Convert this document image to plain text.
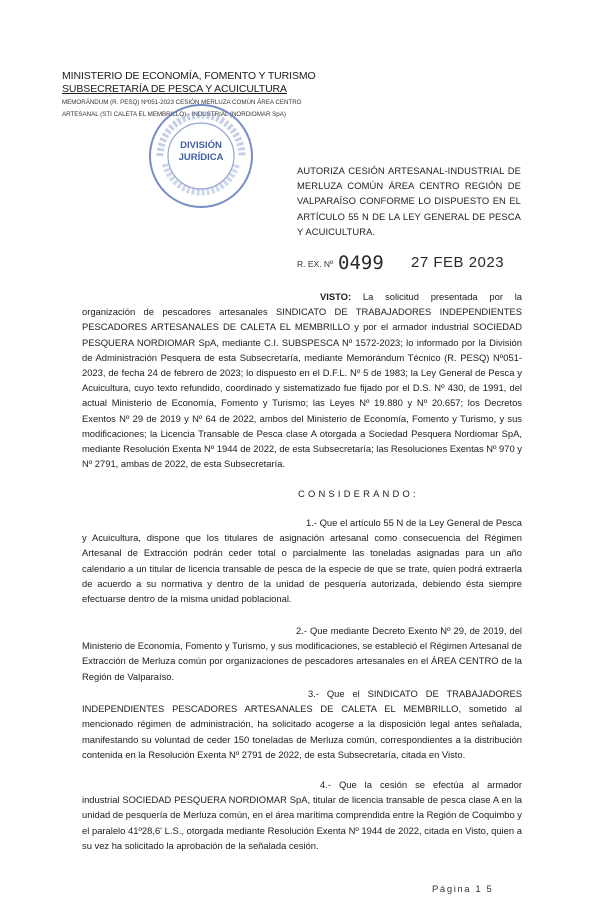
MINISTERIO DE ECONOMÍA, FOMENTO Y TURISMO
SUBSECRETARÍA DE PESCA Y ACUICULTURA
MEMORÁNDUM (R. PESQ) Nº051-2023 CESIÓN MERLUZA COMÚN ÁREA CENTRO
ARTESANAL (STI CALETA EL MEMBRILLO) - INDUSTRIAL (NORDIOMAR SpA)
DIVISIÓN
JURÍDICA
AUTORIZA CESIÓN ARTESANAL-INDUSTRIAL DE MERLUZA COMÚN ÁREA CENTRO REGIÓN DE VALPARAÍSO CONFORME LO DISPUESTO EN EL ARTÍCULO 55 N DE LA LEY GENERAL DE PESCA Y ACUICULTURA.
R. EX. Nº 0499 27 FEB 2023
VISTO: La solicitud presentada por la organización de pescadores artesanales SINDICATO DE TRABAJADORES INDEPENDIENTES PESCADORES ARTESANALES DE CALETA EL MEMBRILLO y por el armador industrial SOCIEDAD PESQUERA NORDIOMAR SpA, mediante C.I. SUBSPESCA Nº 1572-2023; lo informado por la División de Administración Pesquera de esta Subsecretaría, mediante Memorándum Técnico (R. PESQ) Nº051-2023, de fecha 24 de febrero de 2023; lo dispuesto en el D.F.L. Nº 5 de 1983; la Ley General de Pesca y Acuicultura, cuyo texto refundido, coordinado y sistematizado fue fijado por el D.S. Nº 430, de 1991, del actual Ministerio de Economía, Fomento y Turismo; las Leyes Nº 19.880 y Nº 20.657; los Decretos Exentos Nº 29 de 2019 y Nº 64 de 2022, ambos del Ministerio de Economía, Fomento y Turismo, y sus modificaciones; la Licencia Transable de Pesca clase A otorgada a Sociedad Pesquera Nordiomar SpA, mediante Resolución Exenta Nº 1944 de 2022, de esta Subsecretaría; las Resoluciones Exentas Nº 970 y Nº 2791, ambas de 2022, de esta Subsecretaría.
CONSIDERANDO:
1.- Que el artículo 55 N de la Ley General de Pesca y Acuicultura, dispone que los titulares de asignación artesanal como consecuencia del Régimen Artesanal de Extracción podrán ceder total o parcialmente las toneladas asignadas para un año calendario a un titular de licencia transable de pesca de la especie de que se trate, quien podrá extraerla de acuerdo a su normativa y dentro de la unidad de pesquería autorizada, debiendo ésta siempre efectuarse dentro de la misma unidad poblacional.
2.- Que mediante Decreto Exento Nº 29, de 2019, del Ministerio de Economía, Fomento y Turismo, y sus modificaciones, se estableció el Régimen Artesanal de Extracción de Merluza común por organizaciones de pescadores artesanales en el ÁREA CENTRO de la Región de Valparaíso.
3.- Que el SINDICATO DE TRABAJADORES INDEPENDIENTES PESCADORES ARTESANALES DE CALETA EL MEMBRILLO, sometido al mencionado régimen de administración, ha solicitado acogerse a la disposición legal antes señalada, manifestando su voluntad de ceder 150 toneladas de Merluza común, correspondientes a la distribución contenida en la Resolución Exenta Nº 2791 de 2022, de esta Subsecretaría, citada en Visto.
4.- Que la cesión se efectúa al armador industrial SOCIEDAD PESQUERA NORDIOMAR SpA, titular de licencia transable de pesca clase A en la unidad de pesquería de Merluza común, en el área marítima comprendida entre la Región de Coquimbo y el paralelo 41º28,6' L.S., otorgada mediante Resolución Exenta Nº 1944 de 2022, citada en Visto, quien a su vez ha solicitado la aprobación de la señalada cesión.
Página 1 5
